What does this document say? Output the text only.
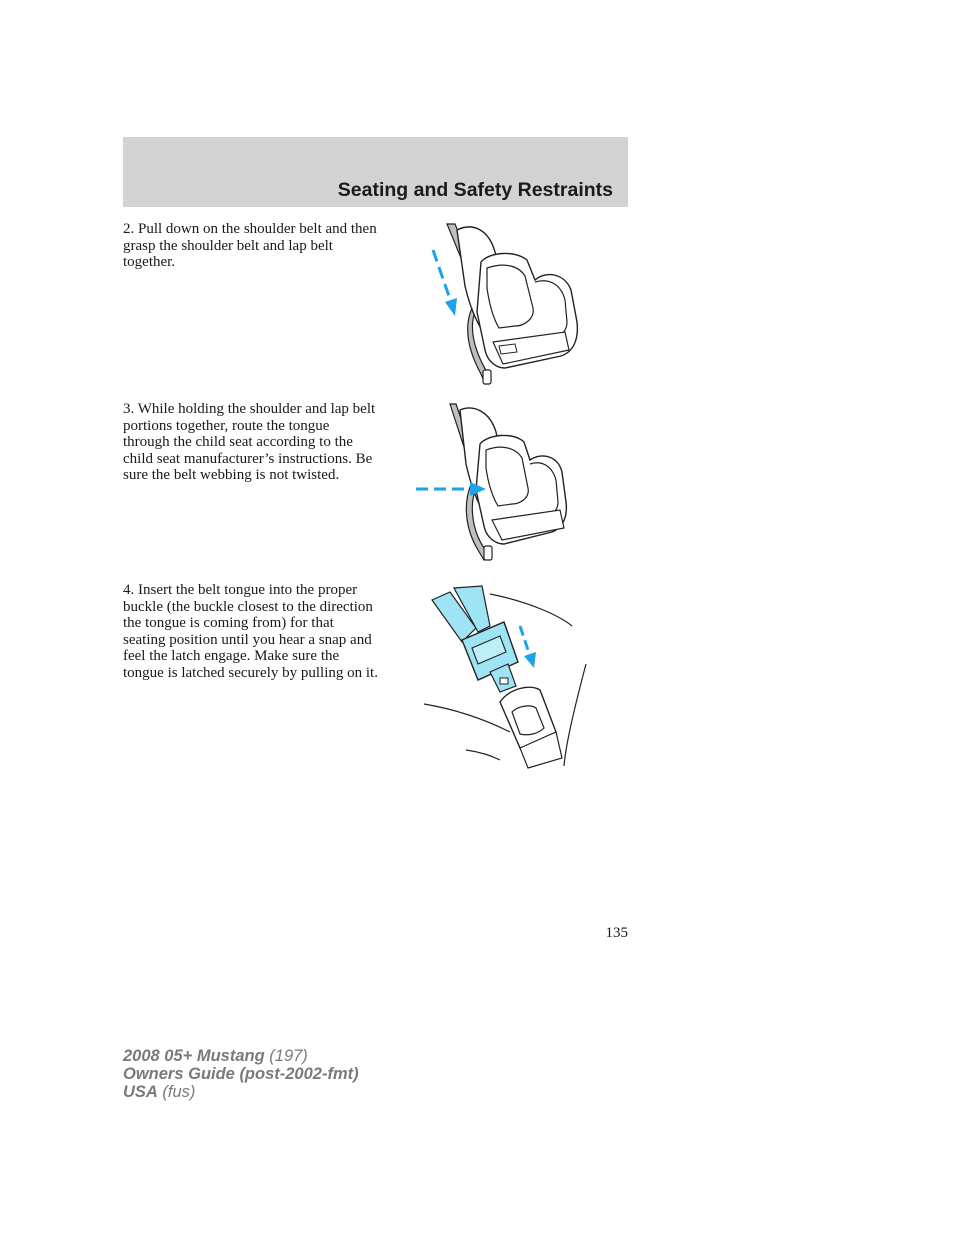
Seating and Safety Restraints

2. Pull down on the shoulder belt and then grasp the shoulder belt and lap belt together.

3. While holding the shoulder and lap belt portions together, route the tongue through the child seat according to the child seat manufacturer’s instructions. Be sure the belt webbing is not twisted.

4. Insert the belt tongue into the proper buckle (the buckle closest to the direction the tongue is coming from) for that seating position until you hear a snap and feel the latch engage. Make sure the tongue is latched securely by pulling on it.

135
2008 05+ Mustang (197)
Owners Guide (post-2002-fmt)
USA (fus)
